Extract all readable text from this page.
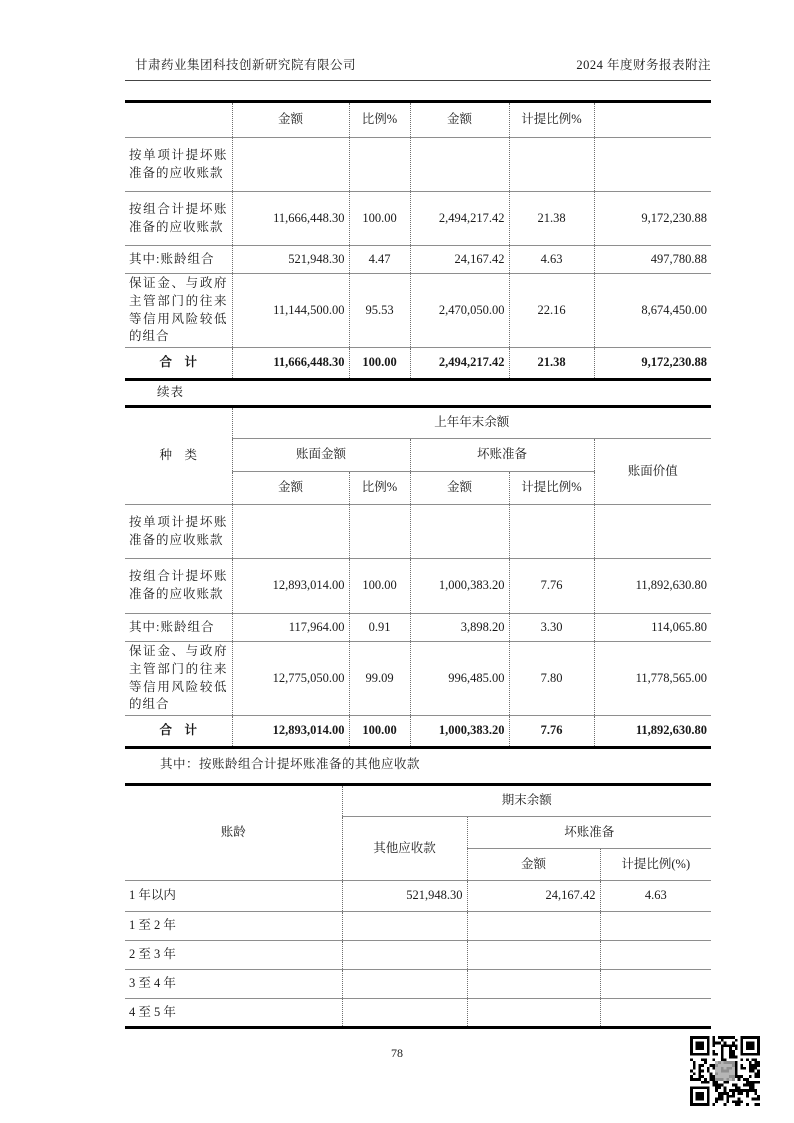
甘肃药业集团科技创新研究院有限公司	2024 年度财务报表附注
	金额	比例%	金额	计提比例%	
按单项计提坏账准备的应收账款					
按组合计提坏账准备的应收账款	11,666,448.30	100.00	2,494,217.42	21.38	9,172,230.88
其中:账龄组合	521,948.30	4.47	24,167.42	4.63	497,780.88
保证金、与政府主管部门的往来等信用风险较低的组合	11,144,500.00	95.53	2,470,050.00	22.16	8,674,450.00
合　计	11,666,448.30	100.00	2,494,217.42	21.38	9,172,230.88
续表
种　类	上年年末余额				
	账面金额		坏账准备		账面价值
	金额	比例%	金额	计提比例%	
按单项计提坏账准备的应收账款					
按组合计提坏账准备的应收账款	12,893,014.00	100.00	1,000,383.20	7.76	11,892,630.80
其中:账龄组合	117,964.00	0.91	3,898.20	3.30	114,065.80
保证金、与政府主管部门的往来等信用风险较低的组合	12,775,050.00	99.09	996,485.00	7.80	11,778,565.00
合　计	12,893,014.00	100.00	1,000,383.20	7.76	11,892,630.80
其中：按账龄组合计提坏账准备的其他应收款
账龄	期末余额		
	其他应收款	坏账准备	
		金额	计提比例(%)
1 年以内	521,948.30	24,167.42	4.63
1 至 2 年			
2 至 3 年			
3 至 4 年			
4 至 5 年			
78
